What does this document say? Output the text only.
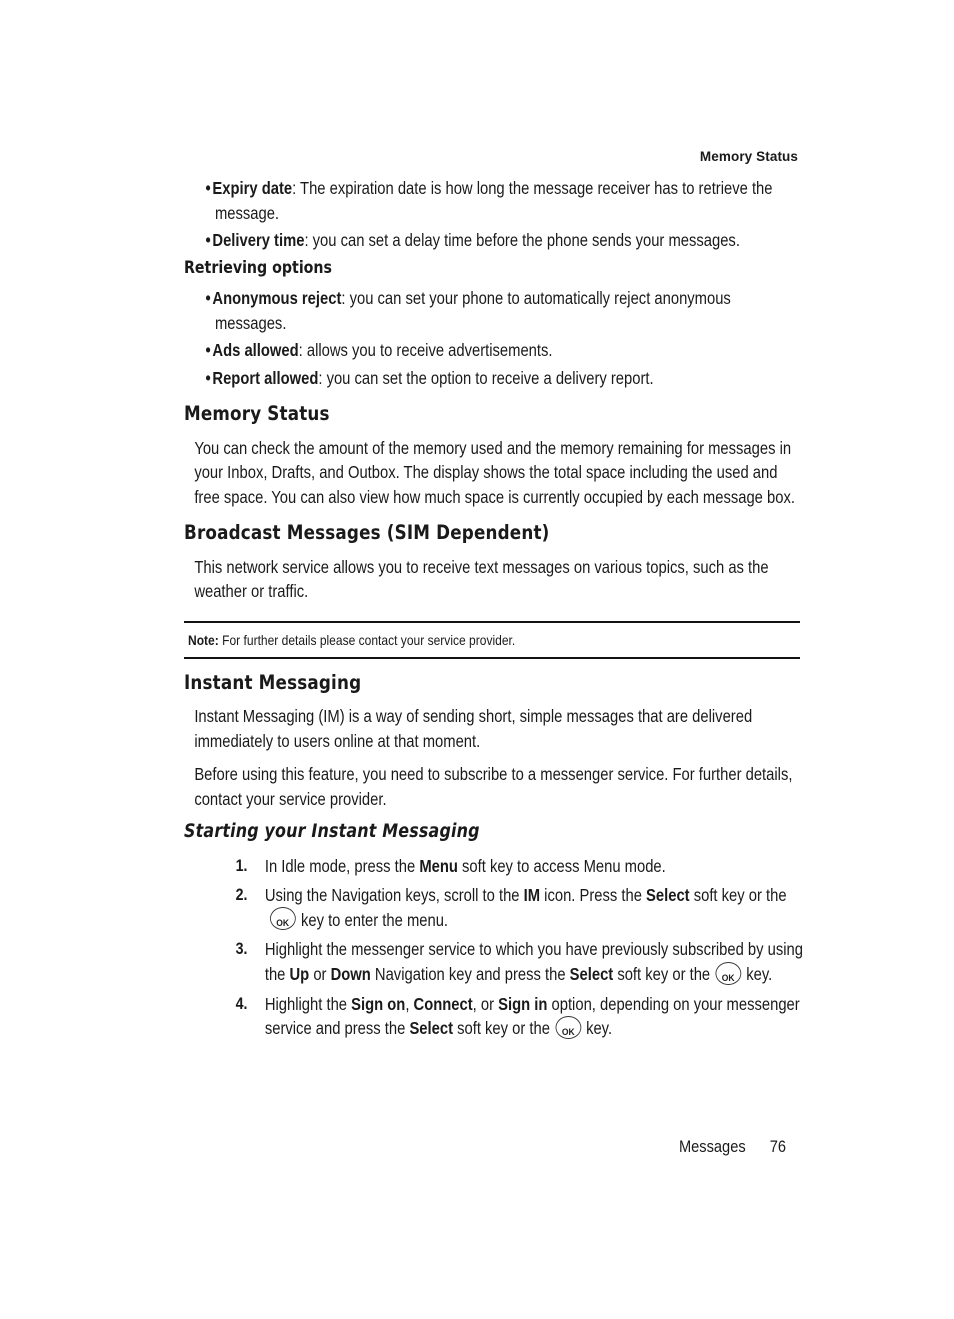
Memory Status
• Expiry date: The expiration date is how long the message receiver has to retrieve the message.
• Delivery time: you can set a delay time before the phone sends your messages.
Retrieving options
• Anonymous reject: you can set your phone to automatically reject anonymous messages.
• Ads allowed: allows you to receive advertisements.
• Report allowed: you can set the option to receive a delivery report.
Memory Status

You can check the amount of the memory used and the memory remaining for messages in your Inbox, Drafts, and Outbox. The display shows the total space including the used and free space. You can also view how much space is currently occupied by each message box.

Broadcast Messages (SIM Dependent)

This network service allows you to receive text messages on various topics, such as the weather or traffic.

Note: For further details please contact your service provider.
Instant Messaging

Instant Messaging (IM) is a way of sending short, simple messages that are delivered immediately to users online at that moment.

Before using this feature, you need to subscribe to a messenger service. For further details, contact your service provider.

Starting your Instant Messaging
1. In Idle mode, press the Menu soft key to access Menu mode.
2. Using the Navigation keys, scroll to the IM icon. Press the Select soft key or theOK key to enter the menu.
3. Highlight the messenger service to which you have previously subscribed by using the Up or Down Navigation key and press the Select soft key or the OK key.
4. Highlight the Sign on, Connect, or Sign in option, depending on your messenger service and press the Select soft key or the OK key.
Messages 76
